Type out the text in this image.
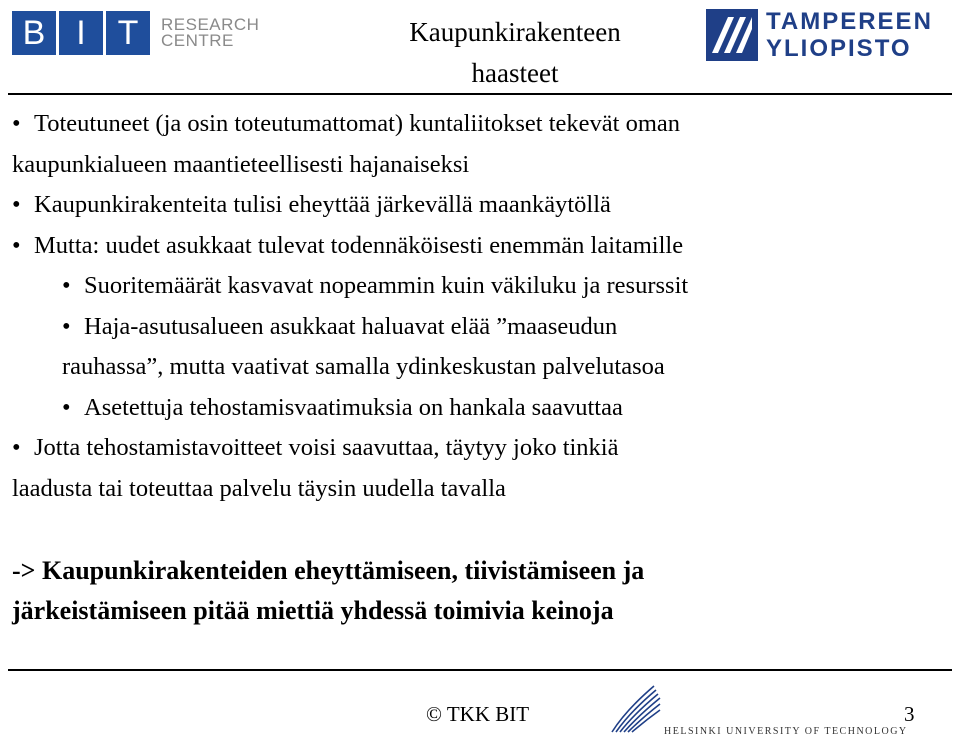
B I T	RESEARCH
CENTRE	Kaupunkirakenteen
haasteet
TAMPEREEN
YLIOPISTO
• Toteutuneet (ja osin toteutumattomat) kuntaliitokset tekevät oman
kaupunkialueen maantieteellisesti hajanaiseksi
• Kaupunkirakenteita tulisi eheyttää järkevällä maankäytöllä
• Mutta: uudet asukkaat tulevat todennäköisesti enemmän laitamille
• Suoritemäärät kasvavat nopeammin kuin väkiluku ja resurssit
• Haja-asutusalueen asukkaat haluavat elää ”maaseudun
rauhassa”, mutta vaativat samalla ydinkeskustan palvelutasoa
• Asetettuja tehostamisvaatimuksia on hankala saavuttaa
• Jotta tehostamistavoitteet voisi saavuttaa, täytyy joko tinkiä
laadusta tai toteuttaa palvelu täysin uudella tavalla
-> Kaupunkirakenteiden eheyttämiseen, tiivistämiseen ja
järkeistämiseen pitää miettiä yhdessä toimivia keinoja
© TKK BIT
HELSINKI UNIVERSITY OF TECHNOLOGY
3
